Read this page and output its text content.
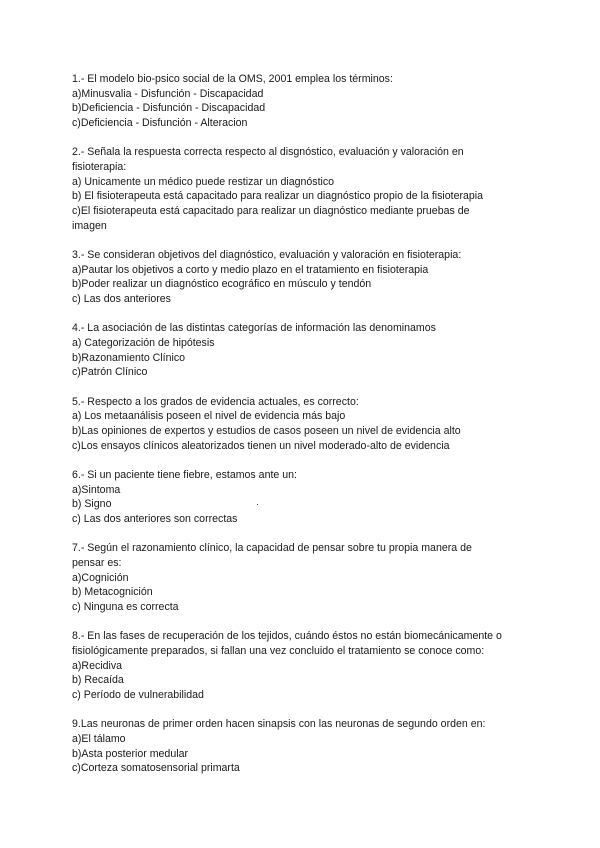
1.- El modelo bio-psico social de la OMS, 2001 emplea los términos:
a)Minusvalia - Disfunción - Discapacidad
b)Deficiencia - Disfunción - Discapacidad
c)Deficiencia - Disfunción - Alteracion
2.- Señala la respuesta correcta respecto al disgnóstico, evaluación y valoración en
fisioterapia:
a) Unicamente un médico puede restizar un diagnóstico
b) El fisioterapeuta está capacitado para realizar un diagnóstico propio de la fisioterapia
c)El fisioterapeuta está capacitado para realizar un diagnóstico mediante pruebas de
imagen
3.- Se consideran objetivos del diagnóstico, evaluación y valoración en fisioterapia:
a)Pautar los objetivos a corto y medio plazo en el tratamiento en fisioterapia
b)Poder realizar un diagnóstico ecográfico en músculo y tendón
c) Las dos anteriores
4.- La asociación de las distintas categorías de información las denominamos
a) Categorización de hipótesis
b)Razonamiento Clínico
c)Patrón Clínico
5.- Respecto a los grados de evidencia actuales, es correcto:
a) Los metaanálisis poseen el nivel de evidencia más bajo
b)Las opiniones de expertos y estudios de casos poseen un nivel de evidencia alto
c)Los ensayos clínicos aleatorizados tienen un nivel moderado-alto de evidencia
6.- Si un paciente tiene fiebre, estamos ante un:
a)Sintoma
b) Signo	·
c) Las dos anteriores son correctas
7.- Según el razonamiento clínico, la capacidad de pensar sobre tu propia manera de
pensar es:
a)Cognición
b) Metacognición
c) Ninguna es correcta
8.- En las fases de recuperación de los tejidos, cuándo éstos no están biomecánicamente o
fisiológicamente preparados, si fallan una vez concluido el tratamiento se conoce como:
a)Recidiva
b) Recaída
c) Período de vulnerabilidad
9.Las neuronas de primer orden hacen sinapsis con las neuronas de segundo orden en:
a)El tálamo
b)Asta posterior medular
c)Corteza somatosensorial primarta
